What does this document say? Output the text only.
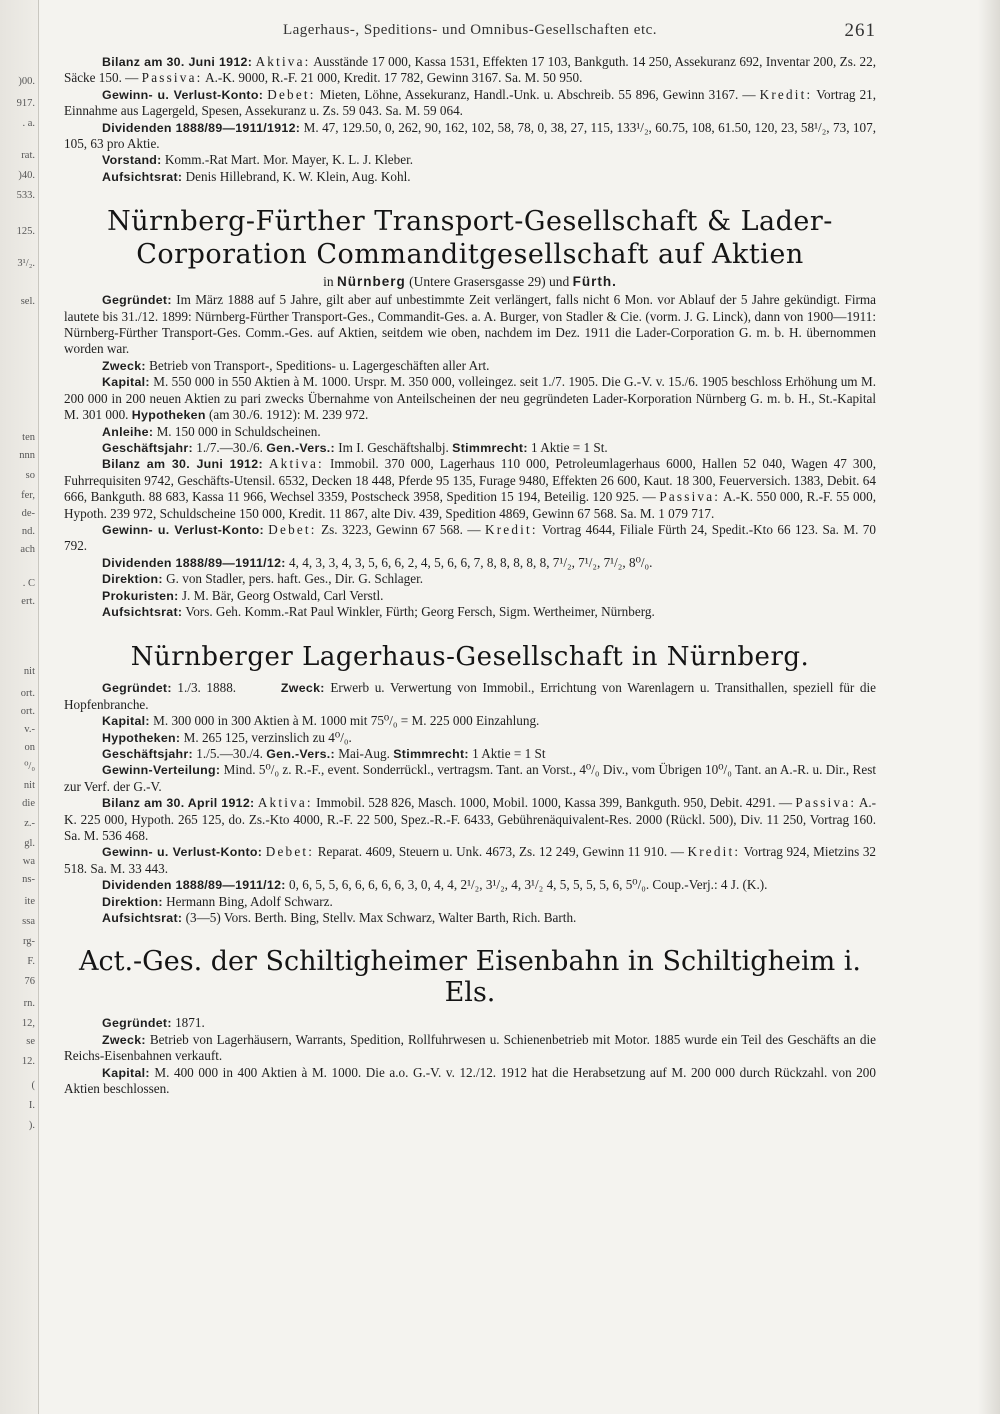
)00.
917.
. a.
rat.
)40.
533.
125.
3¹/₂.
sel.
ten
nnn
so
fer,
de-
nd.
ach
. C
ert.
nit
ort.
ort.
v.-
on
⁰/₀
nit
die
z.-
gl.
wa
ns-
ite
ssa
rg-
F.
76
rn.
12,
se
12.
(
I.
).
Lagerhaus-, Speditions- und Omnibus-Gesellschaften etc.	261

Bilanz am 30. Juni 1912: Aktiva: Ausstände 17 000, Kassa 1531, Effekten 17 103, Bankguth. 14 250, Assekuranz 692, Inventar 200, Zs. 22, Säcke 150. — Passiva: A.-K. 9000, R.-F. 21 000, Kredit. 17 782, Gewinn 3167. Sa. M. 50 950.

Gewinn- u. Verlust-Konto: Debet: Mieten, Löhne, Assekuranz, Handl.-Unk. u. Abschreib. 55 896, Gewinn 3167. — Kredit: Vortrag 21, Einnahme aus Lagergeld, Spesen, Assekuranz u. Zs. 59 043. Sa. M. 59 064.

Dividenden 1888/89—1911/1912: M. 47, 129.50, 0, 262, 90, 162, 102, 58, 78, 0, 38, 27, 115, 133¹/₂, 60.75, 108, 61.50, 120, 23, 58¹/₂, 73, 107, 105, 63 pro Aktie.

Vorstand: Komm.-Rat Mart. Mor. Mayer, K. L. J. Kleber.

Aufsichtsrat: Denis Hillebrand, K. W. Klein, Aug. Kohl.

Nürnberg-Fürther Transport-Gesellschaft & Lader-
Corporation Commanditgesellschaft auf Aktien
in Nürnberg (Untere Grasersgasse 29) und Fürth.

Gegründet: Im März 1888 auf 5 Jahre, gilt aber auf unbestimmte Zeit verlängert, falls nicht 6 Mon. vor Ablauf der 5 Jahre gekündigt. Firma lautete bis 31./12. 1899: Nürnberg-Fürther Transport-Ges., Commandit-Ges. a. A. Burger, von Stadler & Cie. (vorm. J. G. Linck), dann von 1900—1911: Nürnberg-Fürther Transport-Ges. Comm.-Ges. auf Aktien, seitdem wie oben, nachdem im Dez. 1911 die Lader-Corporation G. m. b. H. übernommen worden war.

Zweck: Betrieb von Transport-, Speditions- u. Lagergeschäften aller Art.

Kapital: M. 550 000 in 550 Aktien à M. 1000. Urspr. M. 350 000, volleingez. seit 1./7. 1905. Die G.-V. v. 15./6. 1905 beschloss Erhöhung um M. 200 000 in 200 neuen Aktien zu pari zwecks Übernahme von Anteilscheinen der neu gegründeten Lader-Korporation Nürnberg G. m. b. H., St.-Kapital M. 301 000. Hypotheken (am 30./6. 1912): M. 239 972.

Anleihe: M. 150 000 in Schuldscheinen.

Geschäftsjahr: 1./7.—30./6. Gen.-Vers.: Im I. Geschäftshalbj. Stimmrecht: 1 Aktie = 1 St.

Bilanz am 30. Juni 1912: Aktiva: Immobil. 370 000, Lagerhaus 110 000, Petroleumlagerhaus 6000, Hallen 52 040, Wagen 47 300, Fuhrrequisiten 9742, Geschäfts-Utensil. 6532, Decken 18 448, Pferde 95 135, Furage 9480, Effekten 26 600, Kaut. 18 300, Feuerversich. 1383, Debit. 64 666, Bankguth. 88 683, Kassa 11 966, Wechsel 3359, Postscheck 3958, Spedition 15 194, Beteilig. 120 925. — Passiva: A.-K. 550 000, R.-F. 55 000, Hypoth. 239 972, Schuldscheine 150 000, Kredit. 11 867, alte Div. 439, Spedition 4869, Gewinn 67 568. Sa. M. 1 079 717.

Gewinn- u. Verlust-Konto: Debet: Zs. 3223, Gewinn 67 568. — Kredit: Vortrag 4644, Filiale Fürth 24, Spedit.-Kto 66 123. Sa. M. 70 792.

Dividenden 1888/89—1911/12: 4, 4, 3, 3, 4, 3, 5, 6, 6, 2, 4, 5, 6, 6, 7, 8, 8, 8, 8, 8, 7¹/₂, 7¹/₂, 7¹/₂, 8⁰/₀.

Direktion: G. von Stadler, pers. haft. Ges., Dir. G. Schlager.

Prokuristen: J. M. Bär, Georg Ostwald, Carl Verstl.

Aufsichtsrat: Vors. Geh. Komm.-Rat Paul Winkler, Fürth; Georg Fersch, Sigm. Wertheimer, Nürnberg.

Nürnberger Lagerhaus-Gesellschaft in Nürnberg.

Gegründet: 1./3. 1888.	Zweck: Erwerb u. Verwertung von Immobil., Errichtung von Warenlagern u. Transithallen, speziell für die Hopfenbranche.

Kapital: M. 300 000 in 300 Aktien à M. 1000 mit 75⁰/₀ = M. 225 000 Einzahlung.

Hypotheken: M. 265 125, verzinslich zu 4⁰/₀.

Geschäftsjahr: 1./5.—30./4. Gen.-Vers.: Mai-Aug. Stimmrecht: 1 Aktie = 1 St

Gewinn-Verteilung: Mind. 5⁰/₀ z. R.-F., event. Sonderrückl., vertragsm. Tant. an Vorst., 4⁰/₀ Div., vom Übrigen 10⁰/₀ Tant. an A.-R. u. Dir., Rest zur Verf. der G.-V.

Bilanz am 30. April 1912: Aktiva: Immobil. 528 826, Masch. 1000, Mobil. 1000, Kassa 399, Bankguth. 950, Debit. 4291. — Passiva: A.-K. 225 000, Hypoth. 265 125, do. Zs.-Kto 4000, R.-F. 22 500, Spez.-R.-F. 6433, Gebührenäquivalent-Res. 2000 (Rückl. 500), Div. 11 250, Vortrag 160. Sa. M. 536 468.

Gewinn- u. Verlust-Konto: Debet: Reparat. 4609, Steuern u. Unk. 4673, Zs. 12 249, Gewinn 11 910. — Kredit: Vortrag 924, Mietzins 32 518. Sa. M. 33 443.

Dividenden 1888/89—1911/12: 0, 6, 5, 5, 6, 6, 6, 6, 6, 3, 0, 4, 4, 2¹/₂, 3¹/₂, 4, 3¹/₂ 4, 5, 5, 5, 5, 6, 5⁰/₀. Coup.-Verj.: 4 J. (K.).

Direktion: Hermann Bing, Adolf Schwarz.

Aufsichtsrat: (3—5) Vors. Berth. Bing, Stellv. Max Schwarz, Walter Barth, Rich. Barth.

Act.-Ges. der Schiltigheimer Eisenbahn in Schiltigheim i. Els.

Gegründet: 1871.

Zweck: Betrieb von Lagerhäusern, Warrants, Spedition, Rollfuhrwesen u. Schienenbetrieb mit Motor. 1885 wurde ein Teil des Geschäfts an die Reichs-Eisenbahnen verkauft.

Kapital: M. 400 000 in 400 Aktien à M. 1000. Die a.o. G.-V. v. 12./12. 1912 hat die Herabsetzung auf M. 200 000 durch Rückzahl. von 200 Aktien beschlossen.
